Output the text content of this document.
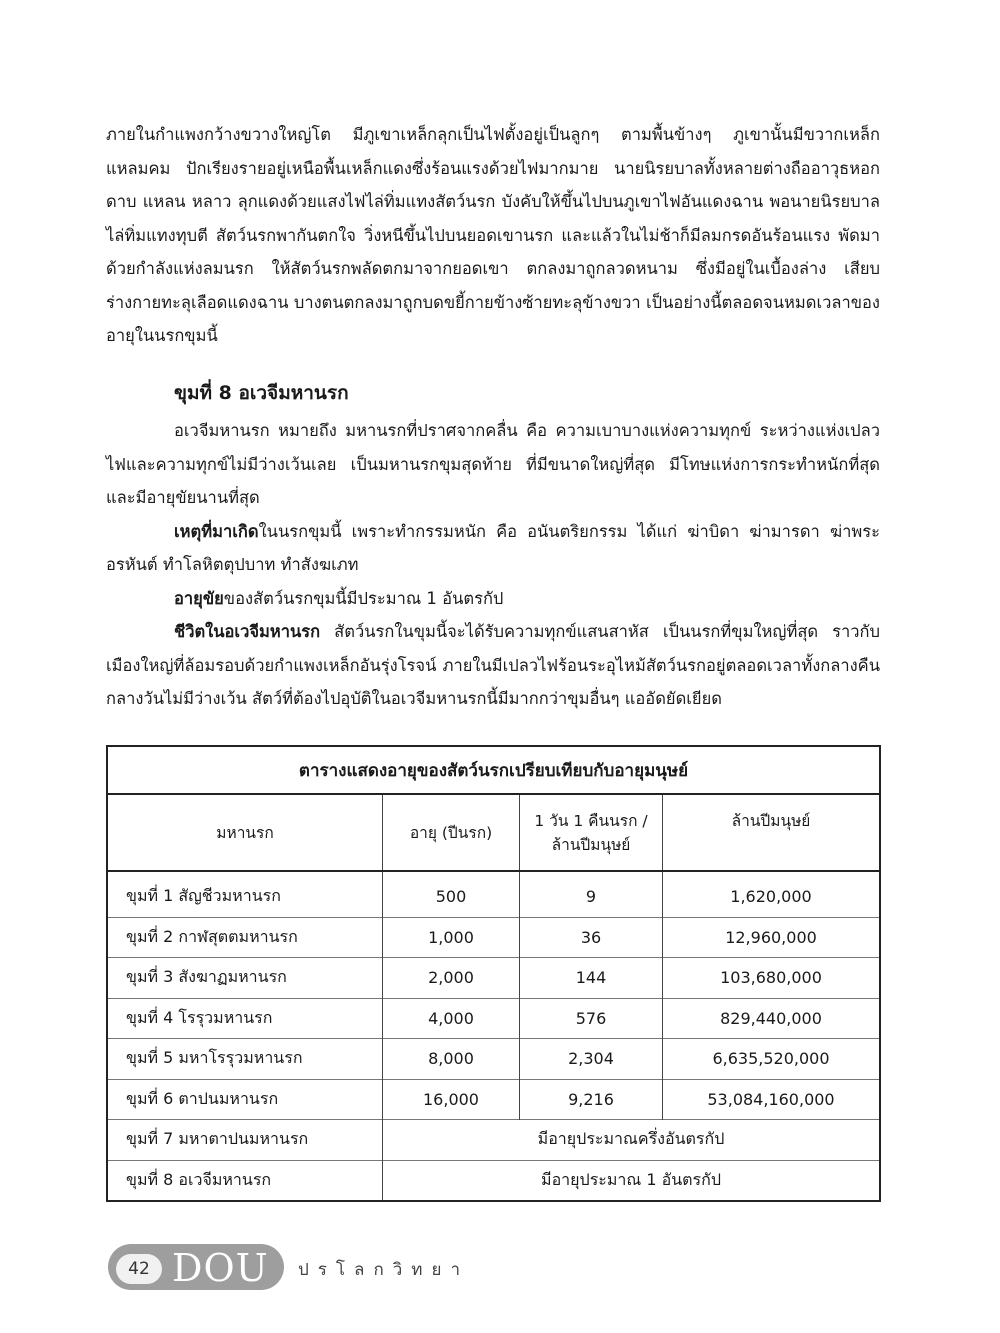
ภายในกำแพงกว้างขวางใหญ่โต มีภูเขาเหล็กลุกเป็นไฟตั้งอยู่เป็นลูกๆ ตามพื้นข้างๆ ภูเขานั้นมีขวากเหล็กแหลมคม ปักเรียงรายอยู่เหนือพื้นเหล็กแดงซึ่งร้อนแรงด้วยไฟมากมาย นายนิรยบาลทั้งหลายต่างถืออาวุธหอก ดาบ แหลน หลาว ลุกแดงด้วยแสงไฟไล่ทิ่มแทงสัตว์นรก บังคับให้ขึ้นไปบนภูเขาไฟอันแดงฉาน พอนายนิรยบาลไล่ทิ่มแทงทุบตี สัตว์นรกพากันตกใจ วิ่งหนีขึ้นไปบนยอดเขานรก และแล้วในไม่ช้าก็มีลมกรดอันร้อนแรง พัดมาด้วยกำลังแห่งลมนรก ให้สัตว์นรกพลัดตกมาจากยอดเขา ตกลงมาถูกลวดหนาม ซึ่งมีอยู่ในเบื้องล่าง เสียบร่างกายทะลุเลือดแดงฉาน บางตนตกลงมาถูกบดขยี้กายข้างซ้ายทะลุข้างขวา เป็นอย่างนี้ตลอดจนหมดเวลาของอายุในนรกขุมนี้

ขุมที่ 8 อเวจีมหานรก

อเวจีมหานรก หมายถึง มหานรกที่ปราศจากคลื่น คือ ความเบาบางแห่งความทุกข์ ระหว่างแห่งเปลวไฟและความทุกข์ไม่มีว่างเว้นเลย เป็นมหานรกขุมสุดท้าย ที่มีขนาดใหญ่ที่สุด มีโทษแห่งการกระทำหนักที่สุด และมีอายุขัยนานที่สุด

เหตุที่มาเกิดในนรกขุมนี้ เพราะทำกรรมหนัก คือ อนันตริยกรรม ได้แก่ ฆ่าบิดา ฆ่ามารดา ฆ่าพระอรหันต์ ทำโลหิตตุปบาท ทำสังฆเภท

อายุขัยของสัตว์นรกขุมนี้มีประมาณ 1 อันตรกัป

ชีวิตในอเวจีมหานรก สัตว์นรกในขุมนี้จะได้รับความทุกข์แสนสาหัส เป็นนรกที่ขุมใหญ่ที่สุด ราวกับเมืองใหญ่ที่ล้อมรอบด้วยกำแพงเหล็กอันรุ่งโรจน์ ภายในมีเปลวไฟร้อนระอุไหม้สัตว์นรกอยู่ตลอดเวลาทั้งกลางคืนกลางวันไม่มีว่างเว้น สัตว์ที่ต้องไปอุบัติในอเวจีมหานรกนี้มีมากกว่าขุมอื่นๆ แออัดยัดเยียด

ตารางแสดงอายุของสัตว์นรกเปรียบเทียบกับอายุมนุษย์			
มหานรก	อายุ (ปีนรก)	1 วัน 1 คืนนรก / ล้านปีมนุษย์	ล้านปีมนุษย์
ขุมที่ 1 สัญชีวมหานรก	500	9	1,620,000
ขุมที่ 2 กาฬสุตตมหานรก	1,000	36	12,960,000
ขุมที่ 3 สังฆาฏมหานรก	2,000	144	103,680,000
ขุมที่ 4 โรรุวมหานรก	4,000	576	829,440,000
ขุมที่ 5 มหาโรรุวมหานรก	8,000	2,304	6,635,520,000
ขุมที่ 6 ตาปนมหานรก	16,000	9,216	53,084,160,000
ขุมที่ 7 มหาตาปนมหานรก	มีอายุประมาณครึ่งอันตรกัป		
ขุมที่ 8 อเวจีมหานรก	มีอายุประมาณ 1 อันตรกัป		
42 DOU ปรโลกวิทยา
